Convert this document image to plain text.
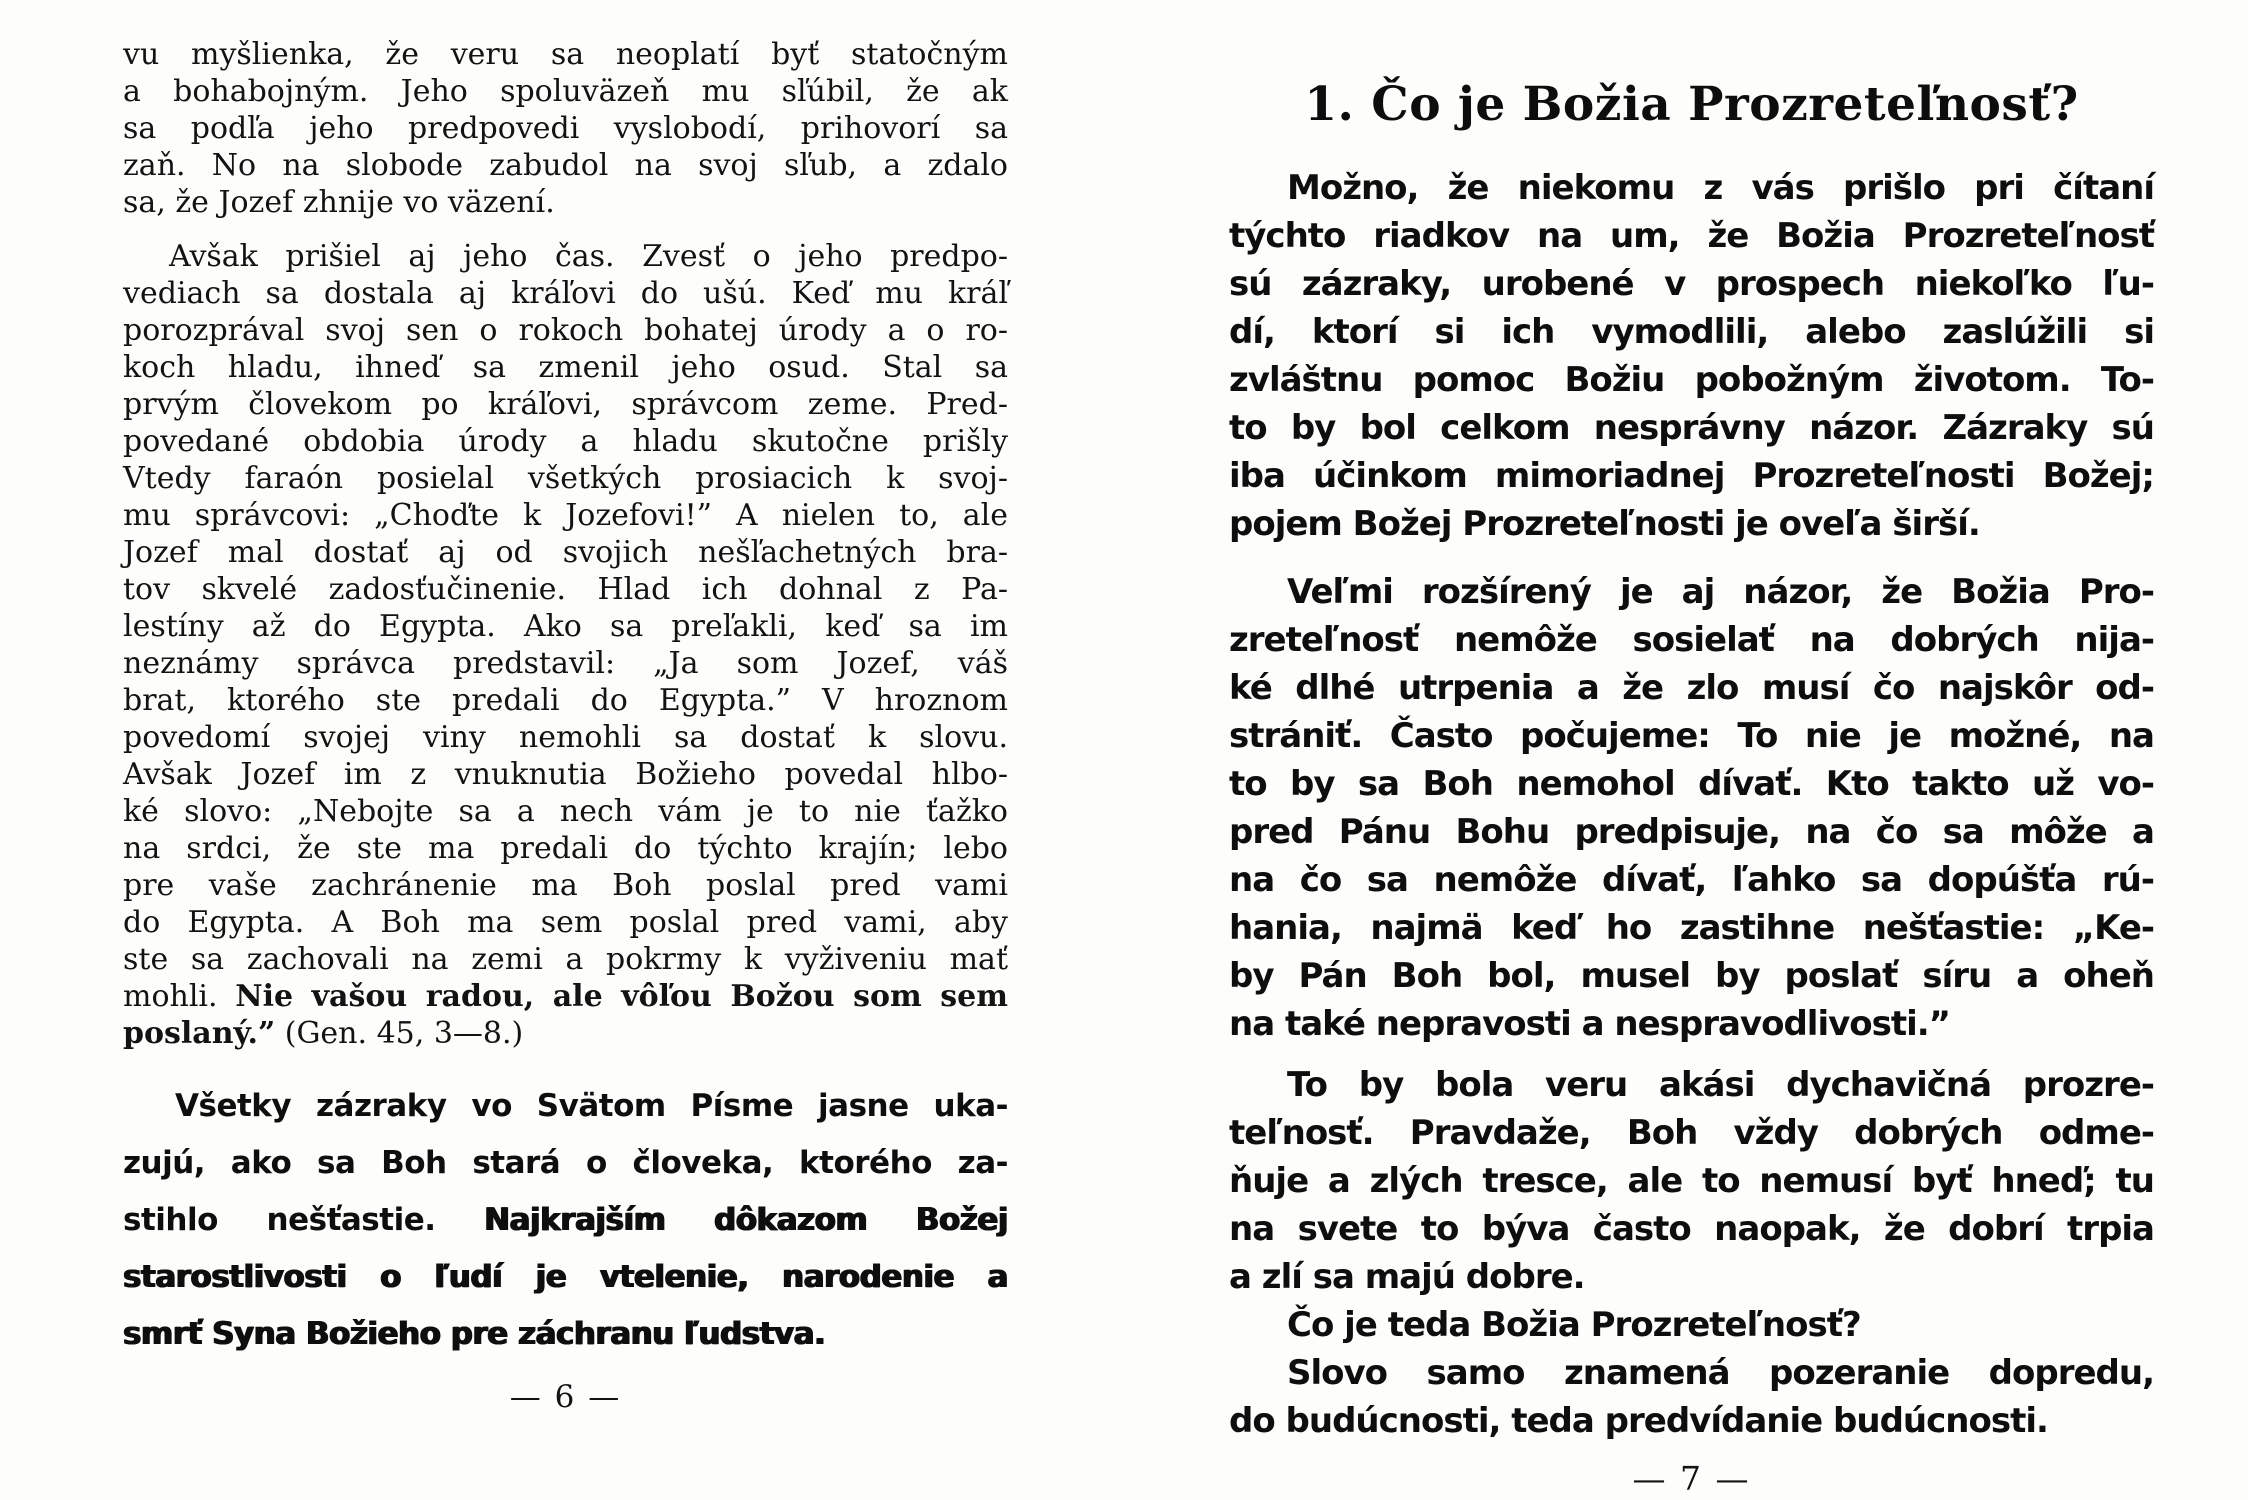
vu myšlienka, že veru sa neoplatí byť statočným
a bohabojným. Jeho spoluväzeň mu sľúbil, že ak
sa podľa jeho predpovedi vyslobodí, prihovorí sa
zaň. No na slobode zabudol na svoj sľub, a zdalo
sa, že Jozef zhnije vo väzení.
Avšak prišiel aj jeho čas. Zvesť o jeho predpo-
vediach sa dostala aj kráľovi do ušú. Keď mu kráľ
porozprával svoj sen o rokoch bohatej úrody a o ro-
koch hladu, ihneď sa zmenil jeho osud. Stal sa
prvým človekom po kráľovi, správcom zeme. Pred-
povedané obdobia úrody a hladu skutočne prišly
Vtedy faraón posielal všetkých prosiacich k svoj-
mu správcovi: „Choďte k Jozefovi!” A nielen to, ale
Jozef mal dostať aj od svojich nešľachetných bra-
tov skvelé zadosťučinenie. Hlad ich dohnal z Pa-
lestíny až do Egypta. Ako sa preľakli, keď sa im
neznámy správca predstavil: „Ja som Jozef, váš
brat, ktorého ste predali do Egypta.” V hroznom
povedomí svojej viny nemohli sa dostať k slovu.
Avšak Jozef im z vnuknutia Božieho povedal hlbo-
ké slovo: „Nebojte sa a nech vám je to nie ťažko
na srdci, že ste ma predali do týchto krajín; lebo
pre vaše zachránenie ma Boh poslal pred vami
do Egypta. A Boh ma sem poslal pred vami, aby
ste sa zachovali na zemi a pokrmy k vyživeniu mať
mohli. Nie vašou radou, ale vôľou Božou som sem
poslaný.” (Gen. 45, 3—8.)
Všetky zázraky vo Svätom Písme jasne uka-
zujú, ako sa Boh stará o človeka, ktorého za-
stihlo nešťastie. Najkrajším dôkazom Božej
starostlivosti o ľudí je vtelenie, narodenie a
smrť Syna Božieho pre záchranu ľudstva.
— 6 —
1. Čo je Božia Prozreteľnosť?
Možno, že niekomu z vás prišlo pri čítaní
týchto riadkov na um, že Božia Prozreteľnosť
sú zázraky, urobené v prospech niekoľko ľu-
dí, ktorí si ich vymodlili, alebo zaslúžili si
zvláštnu pomoc Božiu pobožným životom. To-
to by bol celkom nesprávny názor. Zázraky sú
iba účinkom mimoriadnej Prozreteľnosti Božej;
pojem Božej Prozreteľnosti je oveľa širší.
Veľmi rozšírený je aj názor, že Božia Pro-
zreteľnosť nemôže sosielať na dobrých nija-
ké dlhé utrpenia a že zlo musí čo najskôr od-
strániť. Často počujeme: To nie je možné, na
to by sa Boh nemohol dívať. Kto takto už vo-
pred Pánu Bohu predpisuje, na čo sa môže a
na čo sa nemôže dívať, ľahko sa dopúšťa rú-
hania, najmä keď ho zastihne nešťastie: „Ke-
by Pán Boh bol, musel by poslať síru a oheň
na také nepravosti a nespravodlivosti.”
To by bola veru akási dychavičná prozre-
teľnosť. Pravdaže, Boh vždy dobrých odme-
ňuje a zlých tresce, ale to nemusí byť hneď; tu
na svete to býva často naopak, že dobrí trpia
a zlí sa majú dobre.
Čo je teda Božia Prozreteľnosť?
Slovo samo znamená pozeranie dopredu,
do budúcnosti, teda predvídanie budúcnosti.
— 7 —
